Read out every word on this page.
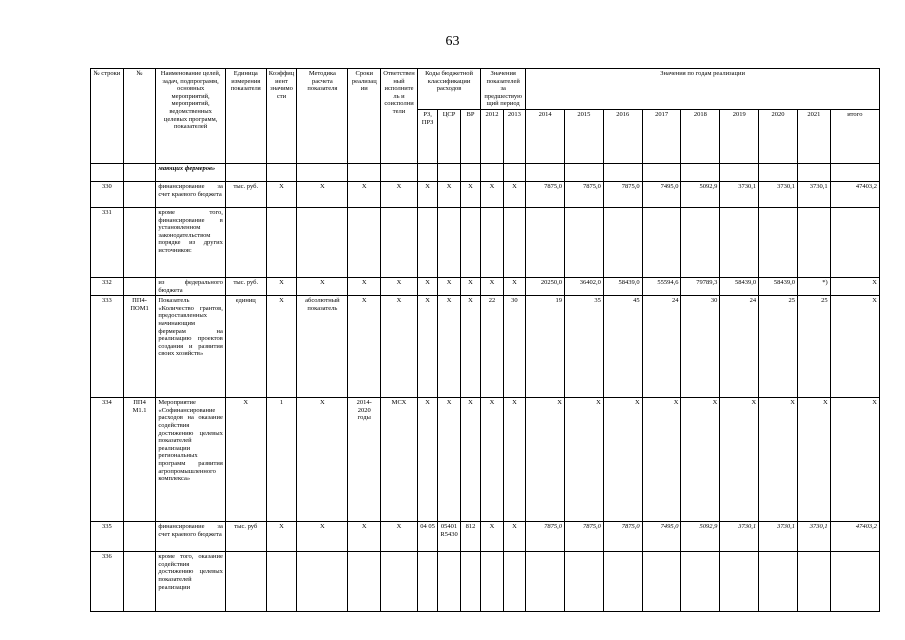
63
№ строки	№	Наименование целей, задач, подпрограмм, основных мероприятий, мероприятий, ведомственных целевых программ, показателей	Единица измерения показателя	Коэффициент значимости	Методика расчета показателя	Сроки реализации	Ответственный исполнитель и соисполнители	Коды бюджетной классификации расходов			Значения показателей за предшествующий период		Значения по годам реализации								
								РЗ, ПРЗ	ЦСР	ВР	2012	2013	2014	2015	2016	2017	2018	2019	2020	2021	итого
		мающих фермеров»																			
330		финансирование за счет краевого бюджета	тыс. руб.	X	X	X	X	X	X	X	X	X	7875,0	7875,0	7875,0	7495,0	5092,9	3730,1	3730,1	3730,1	47403,2
331		кроме того, финансирование в установленном законодательством порядке из других источников:																			
332		из федерального бюджета	тыс. руб.	X	X	X	X	X	X	X	X	X	20250,0	36402,0	58439,0	55594,6	79789,3	58439,0	58439,0	*)	X
333	ПП4-ПОМ1	Показатель «Количество грантов, предоставленных начинающим фермерам на реализацию проектов создания и развития своих хозяйств»	единиц	X	абсолютный показатель	X	X	X	X	X	22	30	19	35	45	24	30	24	25	25	X
334	ПП4 М1.1	Мероприятие «Софинансирование расходов на оказание содействия достижению целевых показателей реализации региональных программ развития агропромышленного комплекса»	X	1	X	2014-2020 годы	МСХ	X	X	X	X	X	X	X	X	X	X	X	X	X	X
335		финансирование за счет краевого бюджета	тыс. руб	X	X	X	X	04 05	05401 R5430	812	X	X	7875,0	7875,0	7875,0	7495,0	5092,9	3730,1	3730,1	3730,1	47403,2
336		кроме того, оказание содействия достижению целевых показателей реализации																			
